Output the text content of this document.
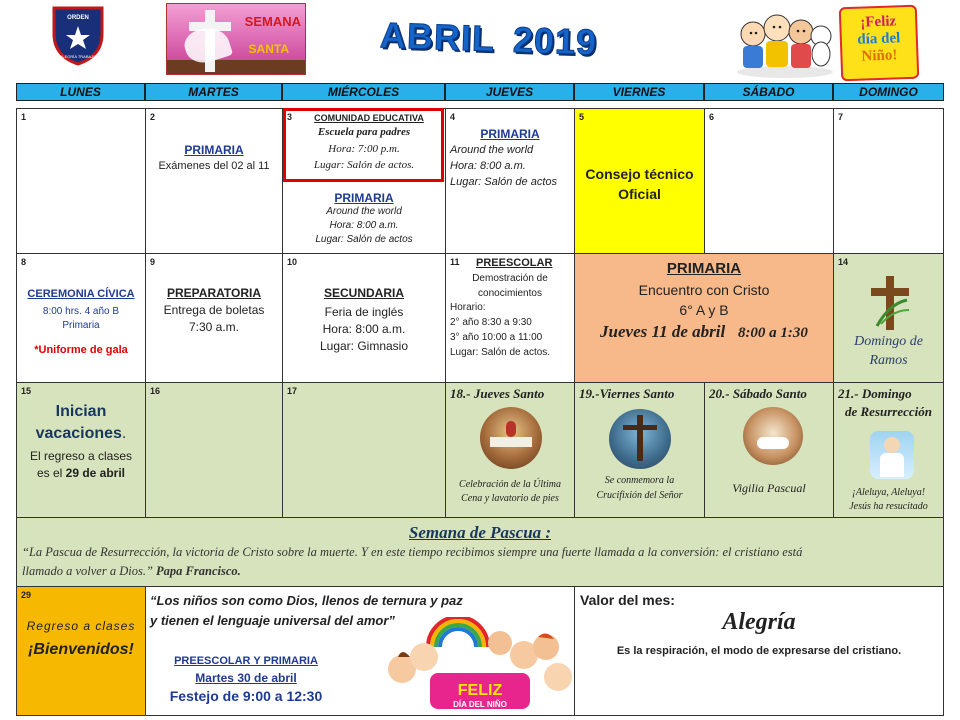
ORDEN
ALEGRÍA TRABAJO
SEMANA
SANTA	ABRIL 2019	¡Feliz
día del
Niño!
LUNES	MARTES	MIÉRCOLES	JUEVES	VIERNES	SÁBADO	DOMINGO
1	2
PRIMARIA
Exámenes del 02 al 11
3	COMUNIDAD EDUCATIVA
Escuela para padres
Hora: 7:00 p.m.
Lugar: Salón de actos.
PRIMARIA
Around the world
Hora: 8:00 a.m.
Lugar: Salón de actos
4
PRIMARIA
Around the world
Hora: 8:00 a.m.
Lugar: Salón de actos
5
Consejo técnico
Oficial
6	7
8
CEREMONIA CÍVICA
8:00 hrs. 4 año B
Primaria
*Uniforme de gala
9
PREPARATORIA
Entrega de boletas
7:30 a.m.
10
SECUNDARIA
Feria de inglés
Hora: 8:00 a.m.
Lugar: Gimnasio
11 PREESCOLAR
Demostración de
conocimientos
Horario:
2° año 8:30 a 9:30
3° año 10:00 a 11:00
Lugar: Salón de actos.
PRIMARIA
Encuentro con Cristo
6° A y B
Jueves 11 de abril 8:00 a 1:30
14
Domingo de
Ramos
15
Inician
vacaciones.
El regreso a clases
es el 29 de abril
16	17	18.- Jueves Santo
Celebración de la Última
Cena y lavatorio de pies
19.-Viernes Santo
Se conmemora la
Crucifixión del Señor
20.- Sábado Santo
Vigilia Pascual
21.- Domingo
de Resurrección
¡Aleluya, Aleluya!
Jesús ha resucitado
Semana de Pascua :
“La Pascua de Resurrección, la victoria de Cristo sobre la muerte. Y en este tiempo recibimos siempre una fuerte llamada a la conversión: el cristiano está
llamado a volver a Dios.” Papa Francisco.
29
Regreso a clases
¡Bienvenidos!
“Los niños son como Dios, llenos de ternura y paz
y tienen el lenguaje universal del amor”
PREESCOLAR Y PRIMARIA
Martes 30 de abril
Festejo de 9:00 a 12:30	FELIZ
DÍA DEL NIÑO
Valor del mes:
Alegría
Es la respiración, el modo de expresarse del cristiano.
